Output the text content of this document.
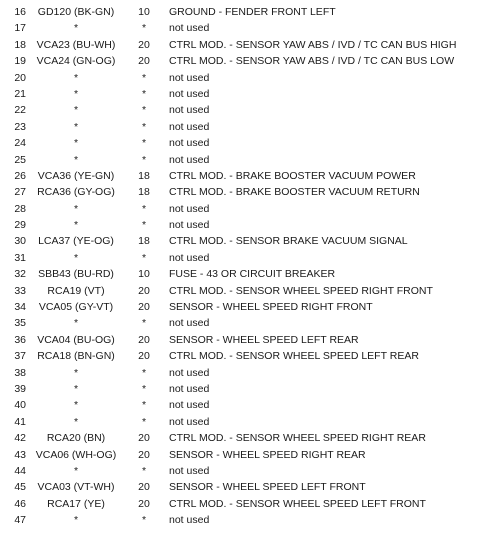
16	GD120 (BK-GN)	10	GROUND - FENDER FRONT LEFT
17	*	*	not used
18	VCA23 (BU-WH)	20	CTRL MOD. - SENSOR YAW ABS / IVD / TC CAN BUS HIGH
19	VCA24 (GN-OG)	20	CTRL MOD. - SENSOR YAW ABS / IVD / TC CAN BUS LOW
20	*	*	not used
21	*	*	not used
22	*	*	not used
23	*	*	not used
24	*	*	not used
25	*	*	not used
26	VCA36 (YE-GN)	18	CTRL MOD. - BRAKE BOOSTER VACUUM POWER
27	RCA36 (GY-OG)	18	CTRL MOD. - BRAKE BOOSTER VACUUM RETURN
28	*	*	not used
29	*	*	not used
30	LCA37 (YE-OG)	18	CTRL MOD. - SENSOR BRAKE VACUUM SIGNAL
31	*	*	not used
32	SBB43 (BU-RD)	10	FUSE - 43 OR CIRCUIT BREAKER
33	RCA19 (VT)	20	CTRL MOD. - SENSOR WHEEL SPEED RIGHT FRONT
34	VCA05 (GY-VT)	20	SENSOR - WHEEL SPEED RIGHT FRONT
35	*	*	not used
36	VCA04 (BU-OG)	20	SENSOR - WHEEL SPEED LEFT REAR
37	RCA18 (BN-GN)	20	CTRL MOD. - SENSOR WHEEL SPEED LEFT REAR
38	*	*	not used
39	*	*	not used
40	*	*	not used
41	*	*	not used
42	RCA20 (BN)	20	CTRL MOD. - SENSOR WHEEL SPEED RIGHT REAR
43 VCA06 (WH-OG)	20	SENSOR - WHEEL SPEED RIGHT REAR
44	*	*	not used
45	VCA03 (VT-WH)	20	SENSOR - WHEEL SPEED LEFT FRONT
46	RCA17 (YE)	20	CTRL MOD. - SENSOR WHEEL SPEED LEFT FRONT
47	*	*	not used
